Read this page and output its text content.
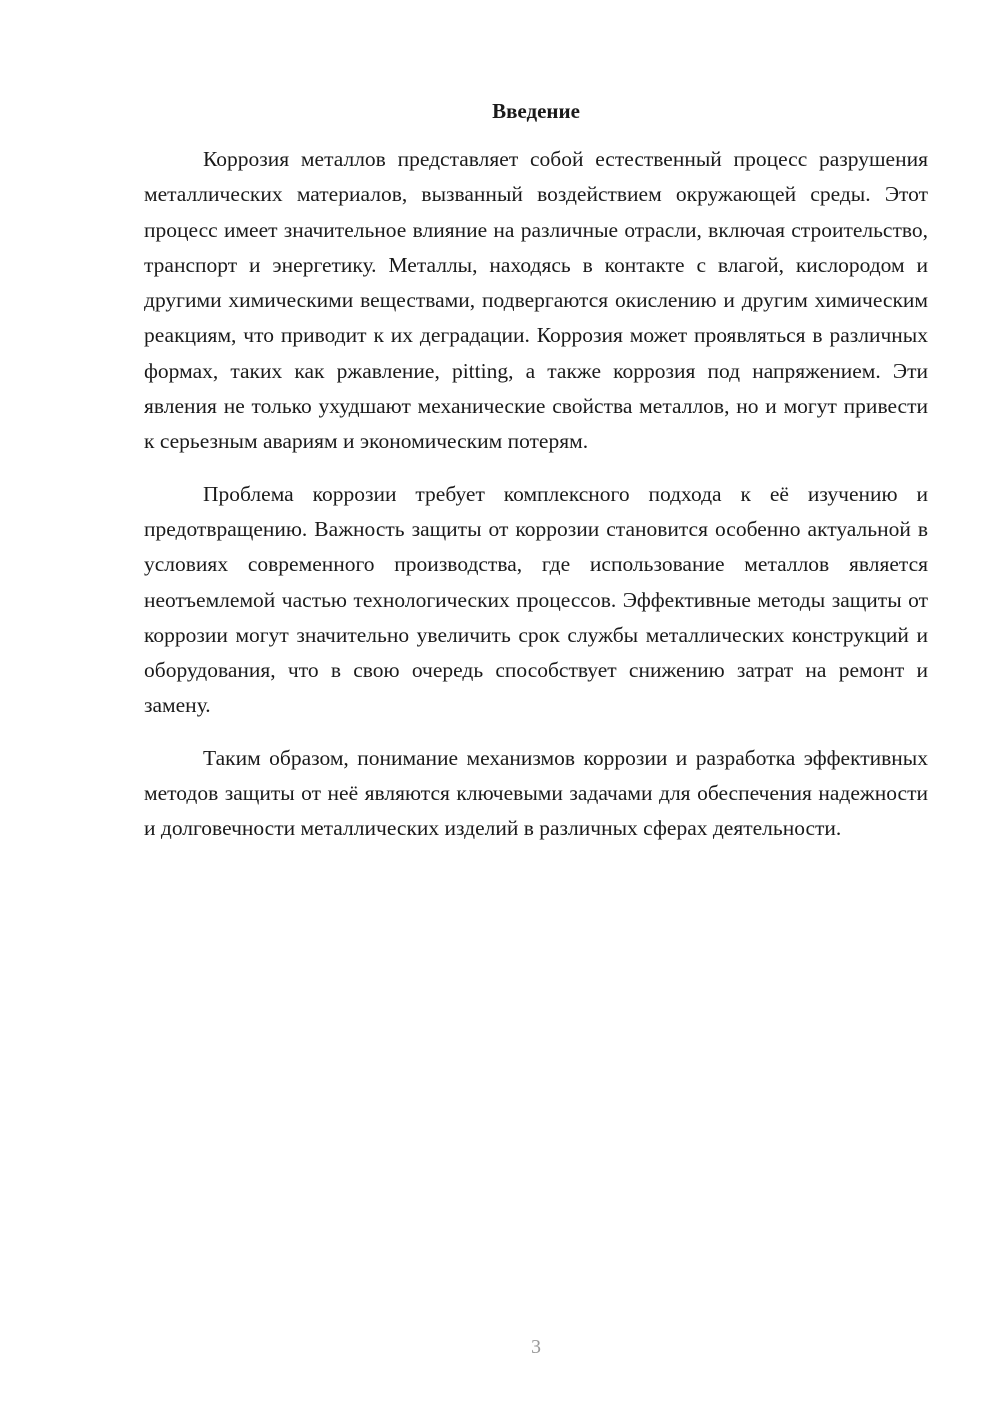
Введение

Коррозия металлов представляет собой естественный процесс разрушения металлических материалов, вызванный воздействием окружающей среды. Этот процесс имеет значительное влияние на различные отрасли, включая строительство, транспорт и энергетику. Металлы, находясь в контакте с влагой, кислородом и другими химическими веществами, подвергаются окислению и другим химическим реакциям, что приводит к их деградации. Коррозия может проявляться в различных формах, таких как ржавление, pitting, а также коррозия под напряжением. Эти явления не только ухудшают механические свойства металлов, но и могут привести к серьезным авариям и экономическим потерям.

Проблема коррозии требует комплексного подхода к её изучению и предотвращению. Важность защиты от коррозии становится особенно актуальной в условиях современного производства, где использование металлов является неотъемлемой частью технологических процессов. Эффективные методы защиты от коррозии могут значительно увеличить срок службы металлических конструкций и оборудования, что в свою очередь способствует снижению затрат на ремонт и замену.

Таким образом, понимание механизмов коррозии и разработка эффективных методов защиты от неё являются ключевыми задачами для обеспечения надежности и долговечности металлических изделий в различных сферах деятельности.

3
